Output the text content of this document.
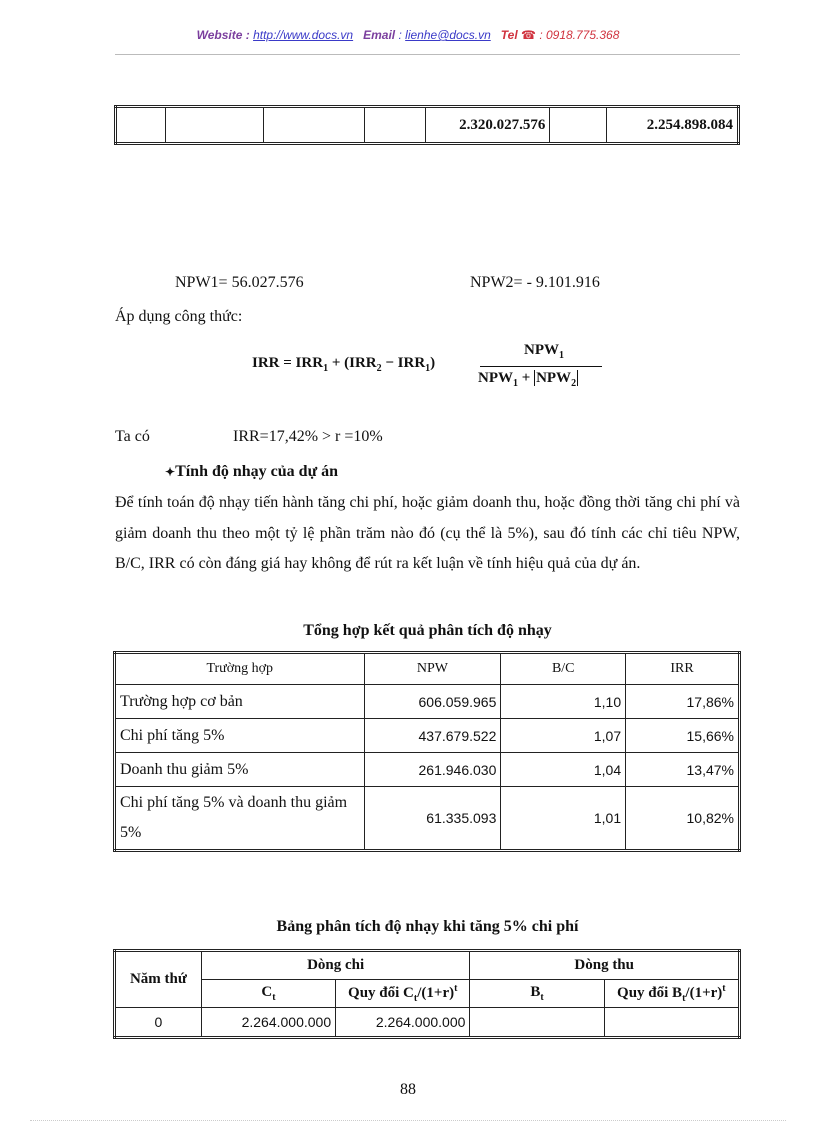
Website : http://www.docs.vn Email : lienhe@docs.vn Tel ☎ : 0918.775.368
				2.320.027.576		2.254.898.084
NPW1= 56.027.576	NPW2= - 9.101.916
Áp dụng công thức:
IRR = $IRR_1 + (IRR_2 - IRR_1)$
$NPW_1$
$NPW_1 + NPW_2$
Ta có	IRR=17,42% > r =10%
✦Tính độ nhạy của dự án
Để tính toán độ nhạy tiến hành tăng chi phí, hoặc giảm doanh thu, hoặc đồng thời tăng chi phí và giảm doanh thu theo một tỷ lệ phần trăm nào đó (cụ thể là 5%), sau đó tính các chỉ tiêu NPW, B/C, IRR có còn đáng giá hay không để rút ra kết luận về tính hiệu quả của dự án.
Tổng hợp kết quả phân tích độ nhạy
Trường hợp	NPW	B/C	IRR
Trường hợp cơ bản	606.059.965	1,10	17,86%
Chi phí tăng 5%	437.679.522	1,07	15,66%
Doanh thu giảm 5%	261.946.030	1,04	13,47%
Chi phí tăng 5% và doanh thu giảm 5%	61.335.093	1,01	10,82%
Bảng phân tích độ nhạy khi tăng 5% chi phí
Năm thứ	Dòng chi		Dòng thu	
	$C_t$	Quy đổi $C_t/(1+r)^t$	$B_t$	Quy đổi $B_t/(1+r)^t$
0	2.264.000.000	2.264.000.000		
88
